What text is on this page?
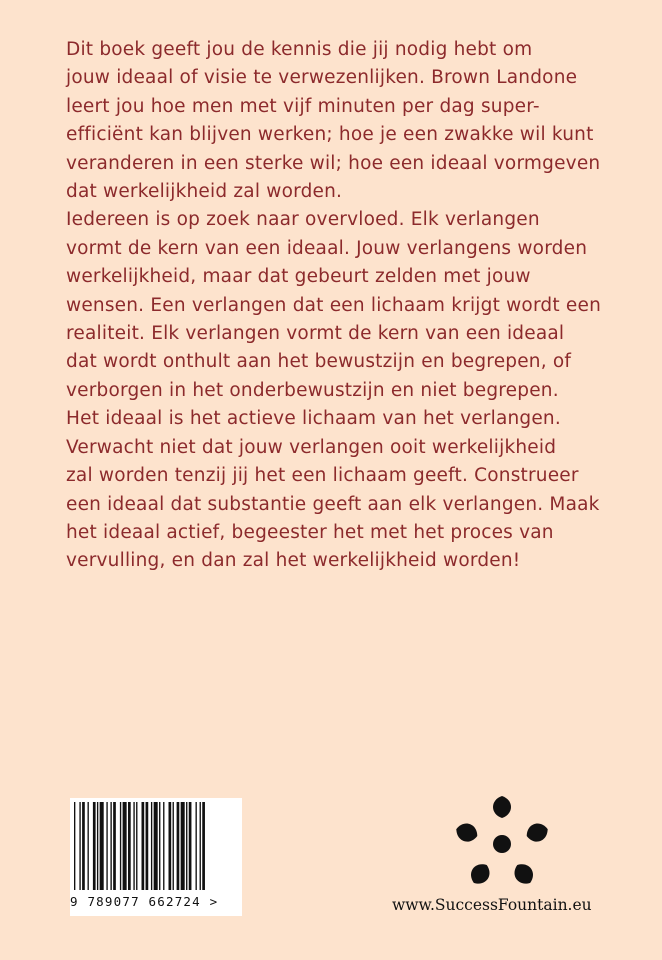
Dit boek geeft jou de kennis die jij nodig hebt om
jouw ideaal of visie te verwezenlijken. Brown Landone
leert jou hoe men met vijf minuten per dag super-
efficiënt kan blijven werken; hoe je een zwakke wil kunt
veranderen in een sterke wil; hoe een ideaal vormgeven
dat werkelijkheid zal worden.
Iedereen is op zoek naar overvloed. Elk verlangen
vormt de kern van een ideaal. Jouw verlangens worden
werkelijkheid, maar dat gebeurt zelden met jouw
wensen. Een verlangen dat een lichaam krijgt wordt een
realiteit. Elk verlangen vormt de kern van een ideaal
dat wordt onthult aan het bewustzijn en begrepen, of
verborgen in het onderbewustzijn en niet begrepen.
Het ideaal is het actieve lichaam van het verlangen.
Verwacht niet dat jouw verlangen ooit werkelijkheid
zal worden tenzij jij het een lichaam geeft. Construeer
een ideaal dat substantie geeft aan elk verlangen. Maak
het ideaal actief, begeester het met het proces van
vervulling, en dan zal het werkelijkheid worden!
9 789077 662724 >	www.SuccessFountain.eu
